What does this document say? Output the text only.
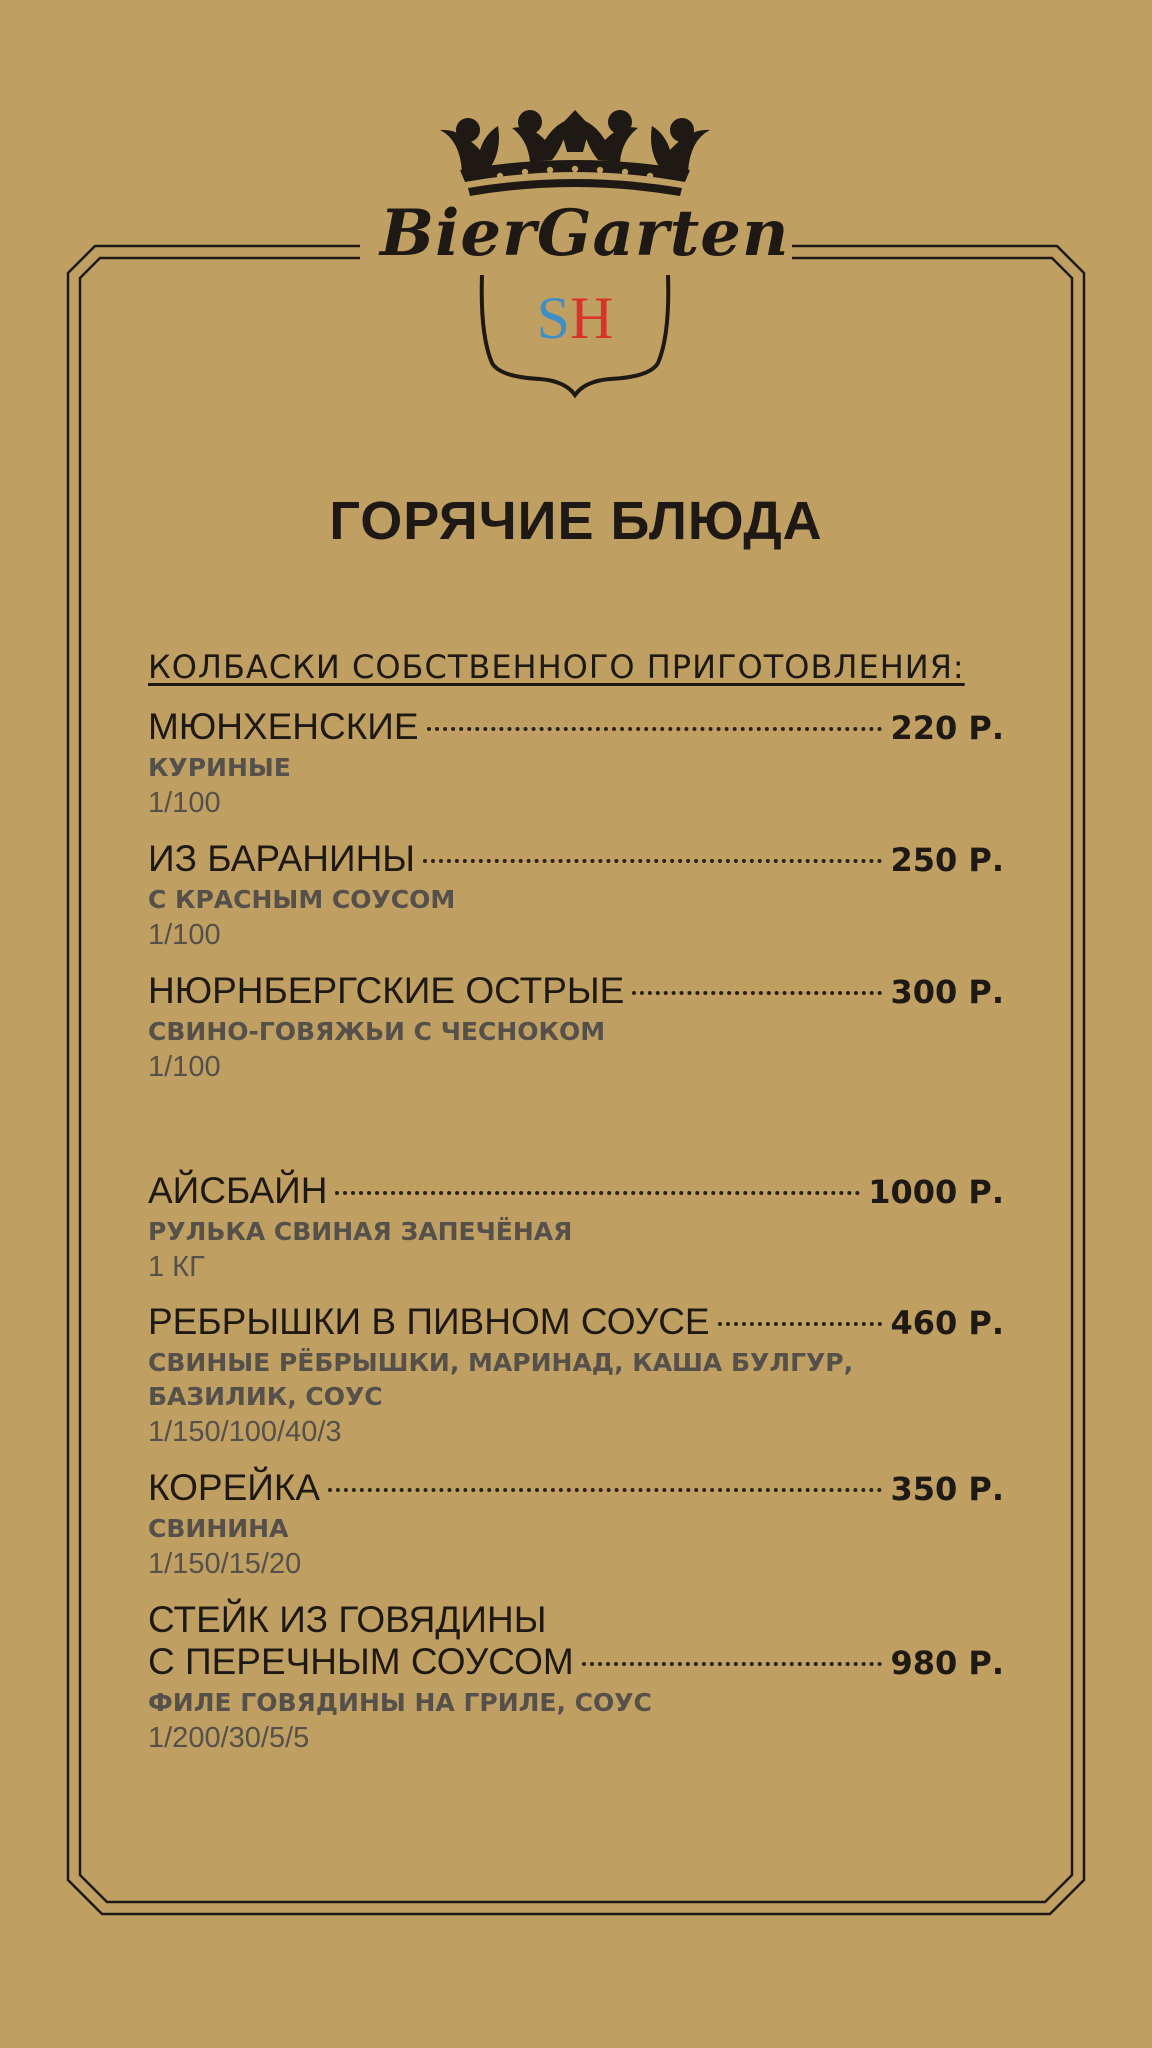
BierGarten
SH
ГОРЯЧИЕ БЛЮДА
КОЛБАСКИ СОБСТВЕННОГО ПРИГОТОВЛЕНИЯ:
МЮНХЕНСКИЕ	220 Р.
КУРИНЫЕ
1/100
ИЗ БАРАНИНЫ	250 Р.
С КРАСНЫМ СОУСОМ
1/100
НЮРНБЕРГСКИЕ ОСТРЫЕ	300 Р.
СВИНО-ГОВЯЖЬИ С ЧЕСНОКОМ
1/100
АЙСБАЙН	1000 Р.
РУЛЬКА СВИНАЯ ЗАПЕЧЁНАЯ
1 КГ
РЕБРЫШКИ В ПИВНОМ СОУСЕ	460 Р.
СВИНЫЕ РЁБРЫШКИ, МАРИНАД, КАША БУЛГУР,
БАЗИЛИК, СОУС
1/150/100/40/3
КОРЕЙКА	350 Р.
СВИНИНА
1/150/15/20
СТЕЙК ИЗ ГОВЯДИНЫ
С ПЕРЕЧНЫМ СОУСОМ	980 Р.
ФИЛЕ ГОВЯДИНЫ НА ГРИЛЕ, СОУС
1/200/30/5/5
